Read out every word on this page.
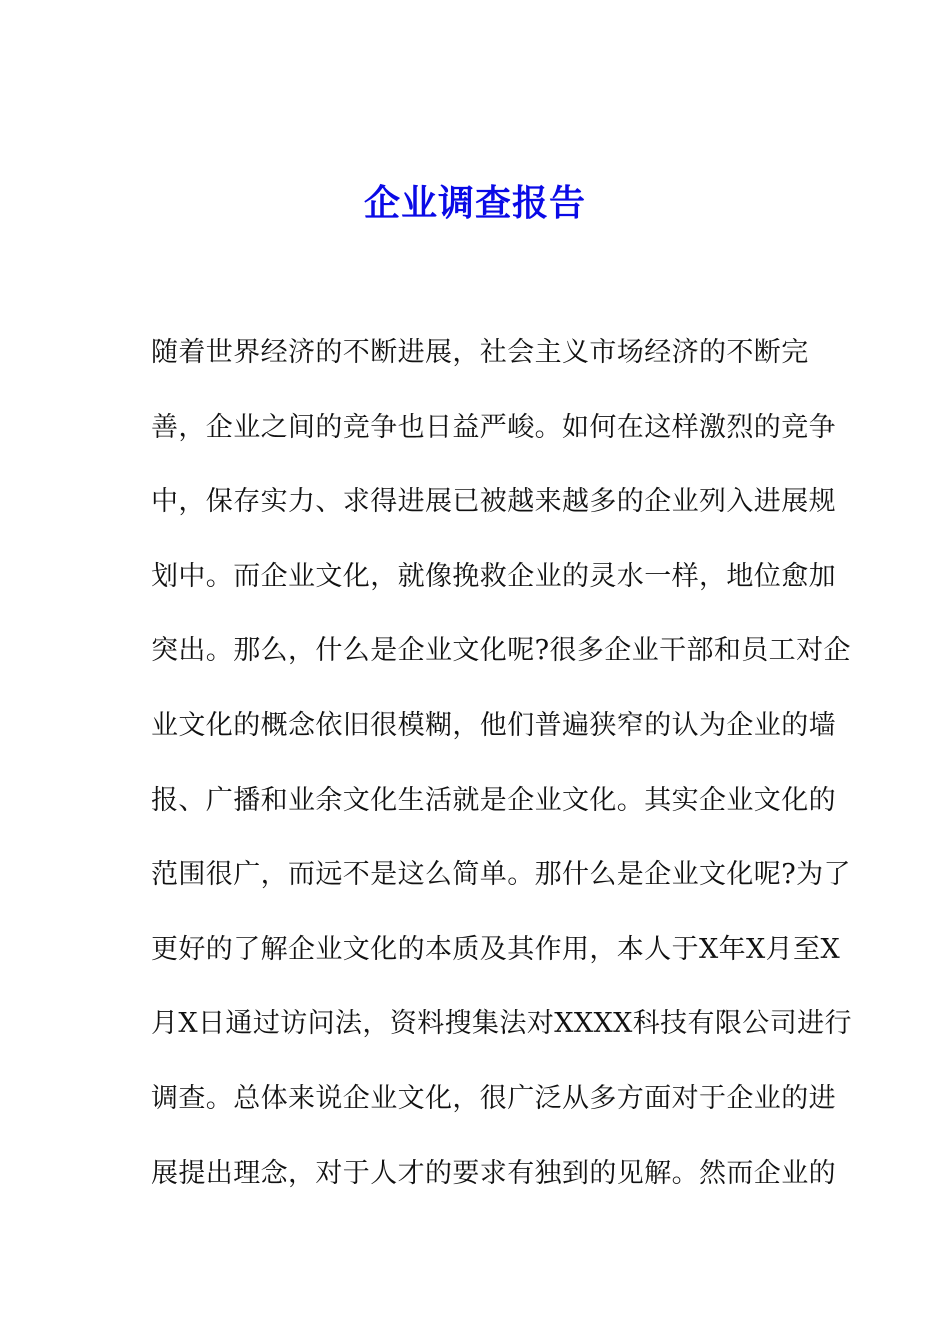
企业调查报告
随着世界经济的不断进展，社会主义市场经济的不断完
善，企业之间的竞争也日益严峻。如何在这样激烈的竞争
中，保存实力、求得进展已被越来越多的企业列入进展规
划中。而企业文化，就像挽救企业的灵水一样，地位愈加
突出。那么，什么是企业文化呢?很多企业干部和员工对企
业文化的概念依旧很模糊，他们普遍狭窄的认为企业的墙
报、广播和业余文化生活就是企业文化。其实企业文化的
范围很广，而远不是这么简单。那什么是企业文化呢?为了
更好的了解企业文化的本质及其作用，本人于X年X月至X
月X日通过访问法，资料搜集法对XXXX科技有限公司进行
调查。总体来说企业文化，很广泛从多方面对于企业的进
展提出理念，对于人才的要求有独到的见解。然而企业的
